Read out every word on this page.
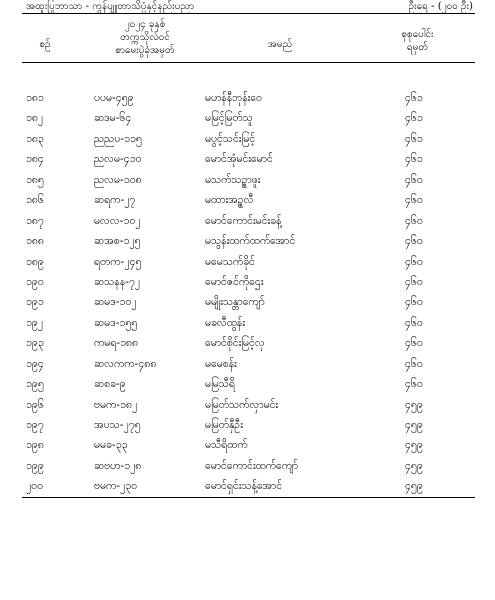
အထူးပြုဘာသာ - ကွန်ပျူတာသိပ္ပံနှင့်နည်းပညာ	ဦးရေ - (၂၀၀ ဦး)
စဉ်
၂၀၂၄ ခုနှစ်
တက္ကသိုလ်ဝင်
စာမေးပွဲခုံအမှတ်
အမည်
စုစုပေါင်း
ရမှတ်
၁၈၁	ပပမ-၄၅၉	မဟန်နီဘုန်းဝေ	၄၆၁
၁၈၂	ဆဒမ-၆၄	မမြင့်မြတ်သူ	၄၆၁
၁၈၃	ညညပ-၁၁၅	မပွင့်သင်းမြင့်	၄၆၁
၁၈၄	ညလမ-၄၁၀	မောင်အုံမင်းမောင်	၄၆၁
၁၈၅	ညလမ-၁၀၈	မသက်သဉ္စာဖူး	၄၆၀
၁၈၆	ဆရက-၂၇	မထားအဥ္စလီ	၄၆၀
၁၈၇	မလလ-၁၀၂	မောင်ကောင်းမင်းခန့်	၄၆၀
၁၈၈	ဆအစ-၁၂၅	မသွန်းထက်ထက်အောင်	၄၆၀
၁၈၉	ရတက-၂၄၅	မမေသက်ခိုင်	၄၆၀
၁၉၀	ဆသနန-၇၂	မောင်ဇင်ကိုဌေး	၄၆၀
၁၉၁	ဆမဒ-၁၀၂	မမျိုးသန္တာကျော်	၄၆၀
၁၉၂	ဆမဒ-၁၅၅	မခလီထွန်း	၄၆၀
၁၉၃	ကမရ-၁၈၈	မောင်စိုင်းမြင့်လှ	၄၆၀
၁၉၄	ဆလကက-၄၈၈	မမေစန်း	၄၆၀
၁၉၅	ဆစခ-၉	မမြသီရိ	၄၆၀
၁၉၆	ဗမက-၁၈၂	မမြတ်သက်လှာမင်း	၄၅၉
၁၉၇	အပသ-၂၇၅	မမြတ်နှီဦး	၄၅၉
၁၉၈	မမခ-၃၃	မသီရိထက်	၄၅၉
၁၉၉	ဆဗဟ-၁၂၈	မောင်ကောင်းထက်ကျော်	၄၅၉
၂၀၀	ဗမက-၂၃၀	မောင်ရှင်းသန့်အောင်	၄၅၉
